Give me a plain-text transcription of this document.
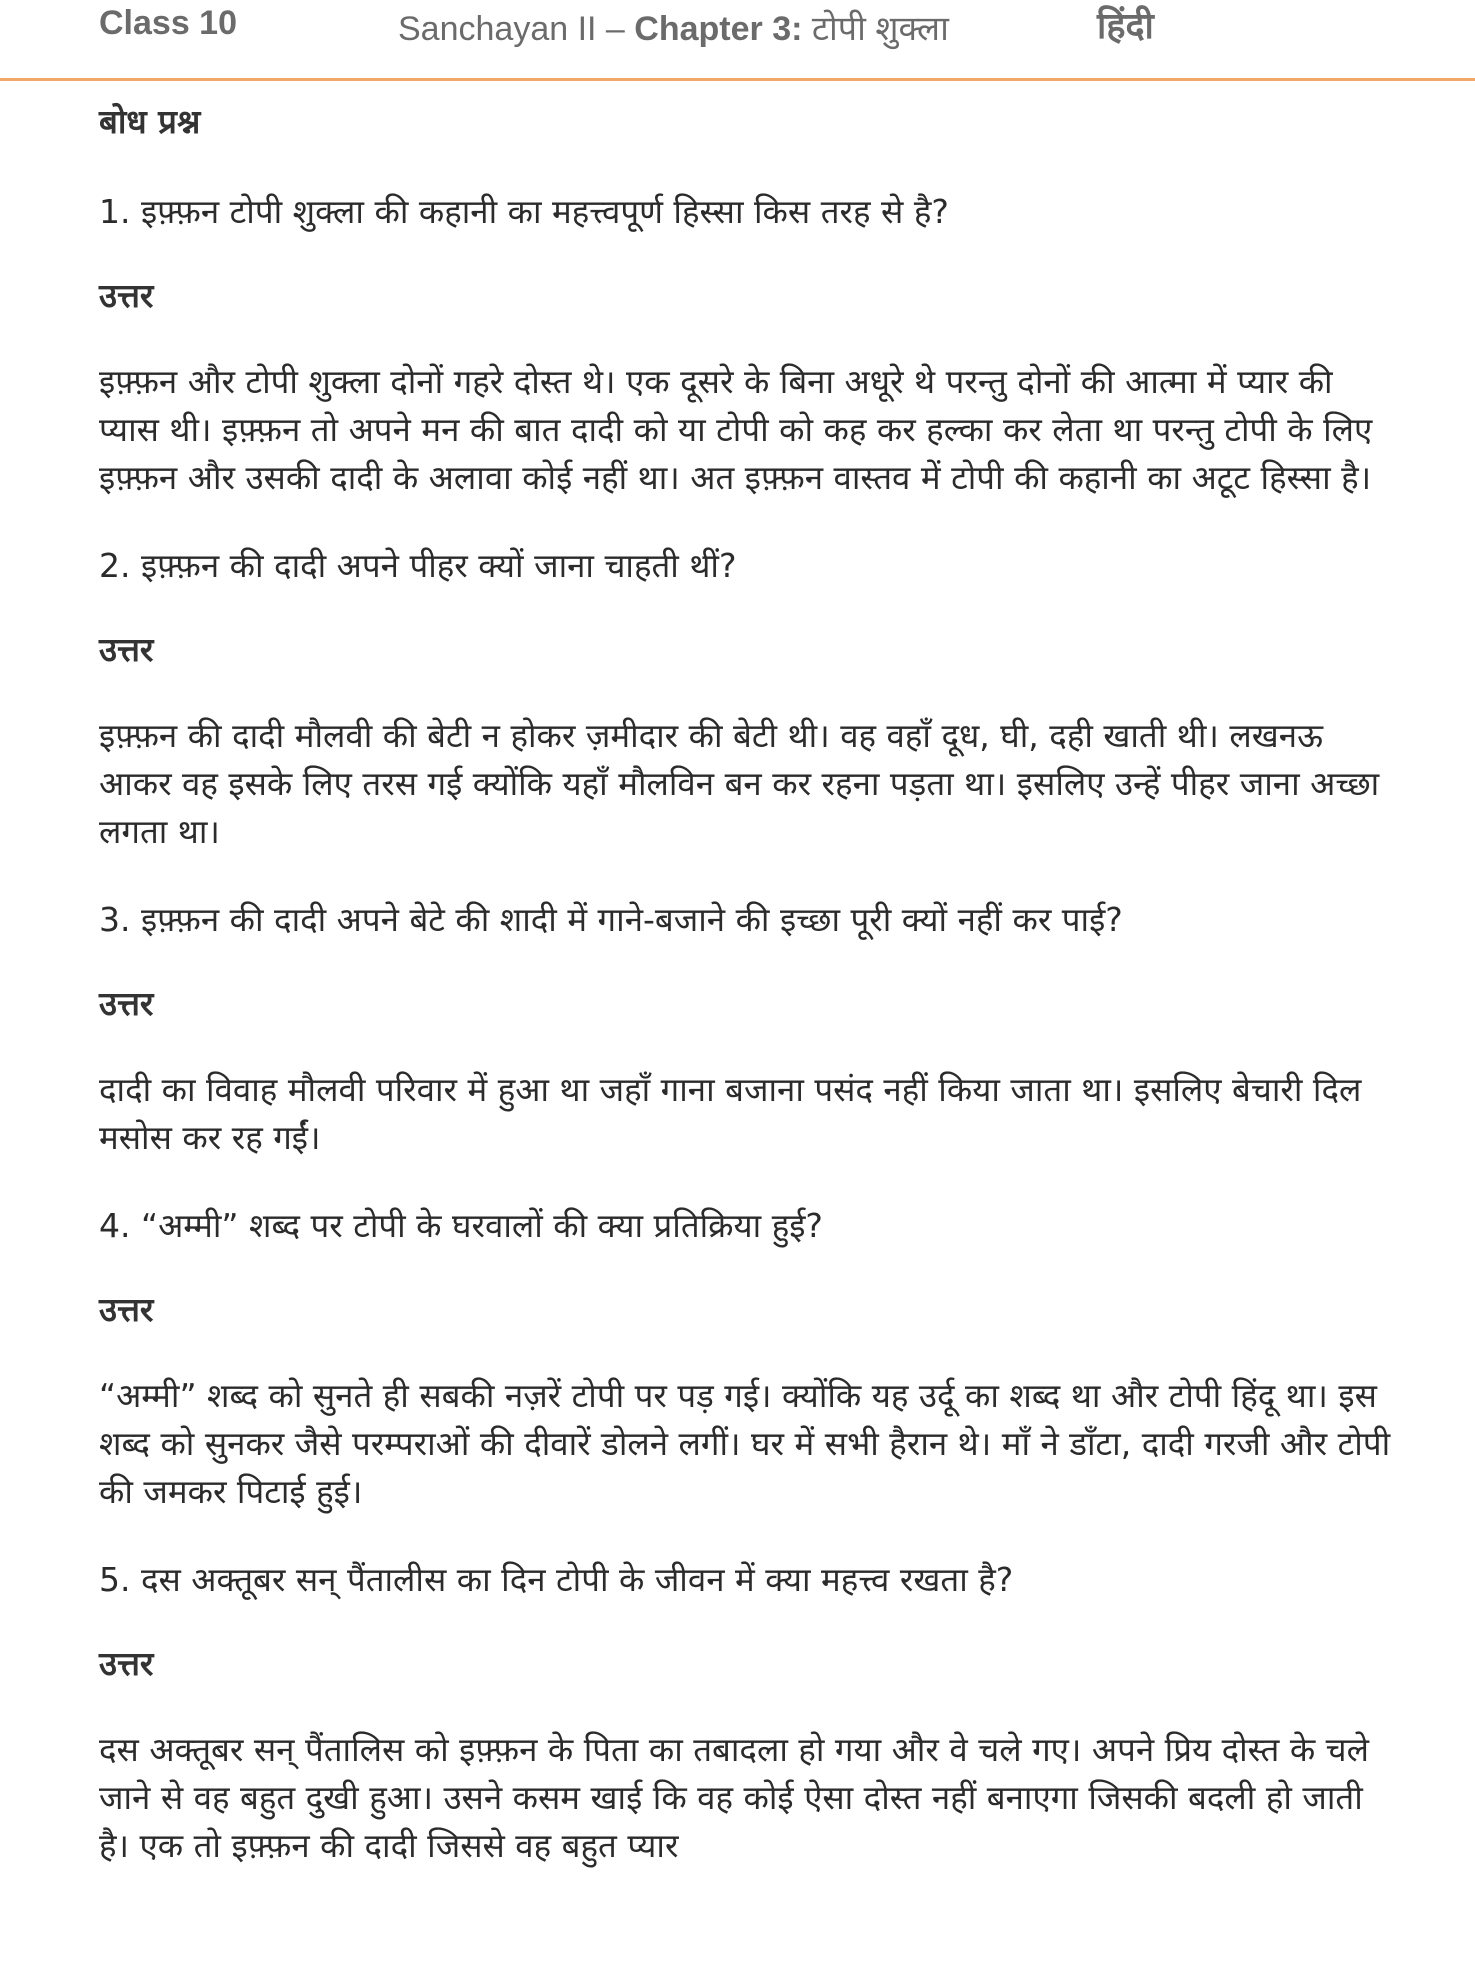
Class 10	Sanchayan II – Chapter 3: टोपी शुक्ला	हिंदी
बोध प्रश्न
1. इफ़्फ़न टोपी शुक्ला की कहानी का महत्त्वपूर्ण हिस्सा किस तरह से है?
उत्तर
इफ़्फ़न और टोपी शुक्ला दोनों गहरे दोस्त थे। एक दूसरे के बिना अधूरे थे परन्तु दोनों की आत्मा में प्यार की प्यास थी। इफ़्फ़न तो अपने मन की बात दादी को या टोपी को कह कर हल्का कर लेता था परन्तु टोपी के लिए इफ़्फ़न और उसकी दादी के अलावा कोई नहीं था। अत इफ़्फ़न वास्तव में टोपी की कहानी का अटूट हिस्सा है।
2. इफ़्फ़न की दादी अपने पीहर क्यों जाना चाहती थीं?
उत्तर
इफ़्फ़न की दादी मौलवी की बेटी न होकर ज़मीदार की बेटी थी। वह वहाँ दूध, घी, दही खाती थी। लखनऊ आकर वह इसके लिए तरस गई क्योंकि यहाँ मौलविन बन कर रहना पड़ता था। इसलिए उन्हें पीहर जाना अच्छा लगता था।
3. इफ़्फ़न की दादी अपने बेटे की शादी में गाने-बजाने की इच्छा पूरी क्यों नहीं कर पाई?
उत्तर
दादी का विवाह मौलवी परिवार में हुआ था जहाँ गाना बजाना पसंद नहीं किया जाता था। इसलिए बेचारी दिल मसोस कर रह गईं।
4. “अम्मी” शब्द पर टोपी के घरवालों की क्या प्रतिक्रिया हुई?
उत्तर
“अम्मी” शब्द को सुनते ही सबकी नज़रें टोपी पर पड़ गई। क्योंकि यह उर्दू का शब्द था और टोपी हिंदू था। इस शब्द को सुनकर जैसे परम्पराओं की दीवारें डोलने लगीं। घर में सभी हैरान थे। माँ ने डाँटा, दादी गरजी और टोपी की जमकर पिटाई हुई।
5. दस अक्तूबर सन् पैंतालीस का दिन टोपी के जीवन में क्या महत्त्व रखता है?
उत्तर
दस अक्तूबर सन् पैंतालिस को इफ़्फ़न के पिता का तबादला हो गया और वे चले गए। अपने प्रिय दोस्त के चले जाने से वह बहुत दुखी हुआ। उसने कसम खाई कि वह कोई ऐसा दोस्त नहीं बनाएगा जिसकी बदली हो जाती है। एक तो इफ़्फ़न की दादी जिससे वह बहुत प्यार
